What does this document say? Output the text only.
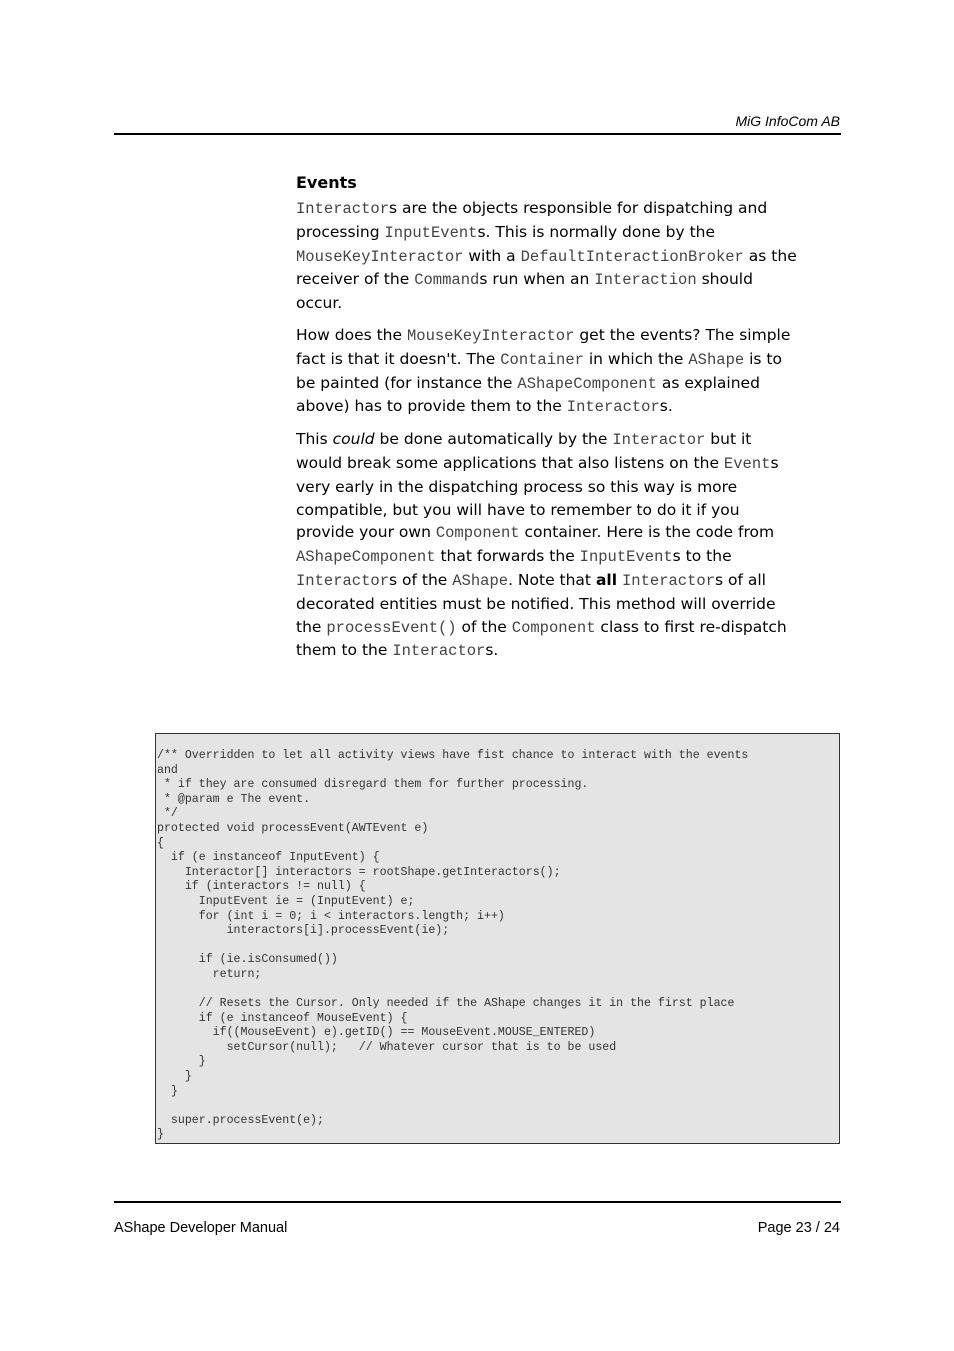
MiG InfoCom AB
Events

Interactors are the objects responsible for dispatching and processing InputEvents. This is normally done by the MouseKeyInteractor with a DefaultInteractionBroker as the receiver of the Commands run when an Interaction should occur.

How does the MouseKeyInteractor get the events? The simple fact is that it doesn't. The Container in which the AShape is to be painted (for instance the AShapeComponent as explained above) has to provide them to the Interactors.

This could be done automatically by the Interactor but it would break some applications that also listens on the Events very early in the dispatching process so this way is more compatible, but you will have to remember to do it if you provide your own Component container. Here is the code from AShapeComponent that forwards the InputEvents to the Interactors of the AShape. Note that all Interactors of all decorated entities must be notified. This method will override the processEvent() of the Component class to first re-dispatch them to the Interactors.

/** Overridden to let all activity views have fist chance to interact with the events
and
* if they are consumed disregard them for further processing.
* @param e The event.
*/
protected void processEvent(AWTEvent e)
{
if (e instanceof InputEvent) {
Interactor[] interactors = rootShape.getInteractors();
if (interactors != null) {
InputEvent ie = (InputEvent) e;
for (int i = 0; i < interactors.length; i++)
interactors[i].processEvent(ie);

if (ie.isConsumed())
return;

// Resets the Cursor. Only needed if the AShape changes it in the first place
if (e instanceof MouseEvent) {
if((MouseEvent) e).getID() == MouseEvent.MOUSE_ENTERED)
setCursor(null);   // Whatever cursor that is to be used
}
}
}

super.processEvent(e);
}
AShape Developer Manual	Page 23 / 24
